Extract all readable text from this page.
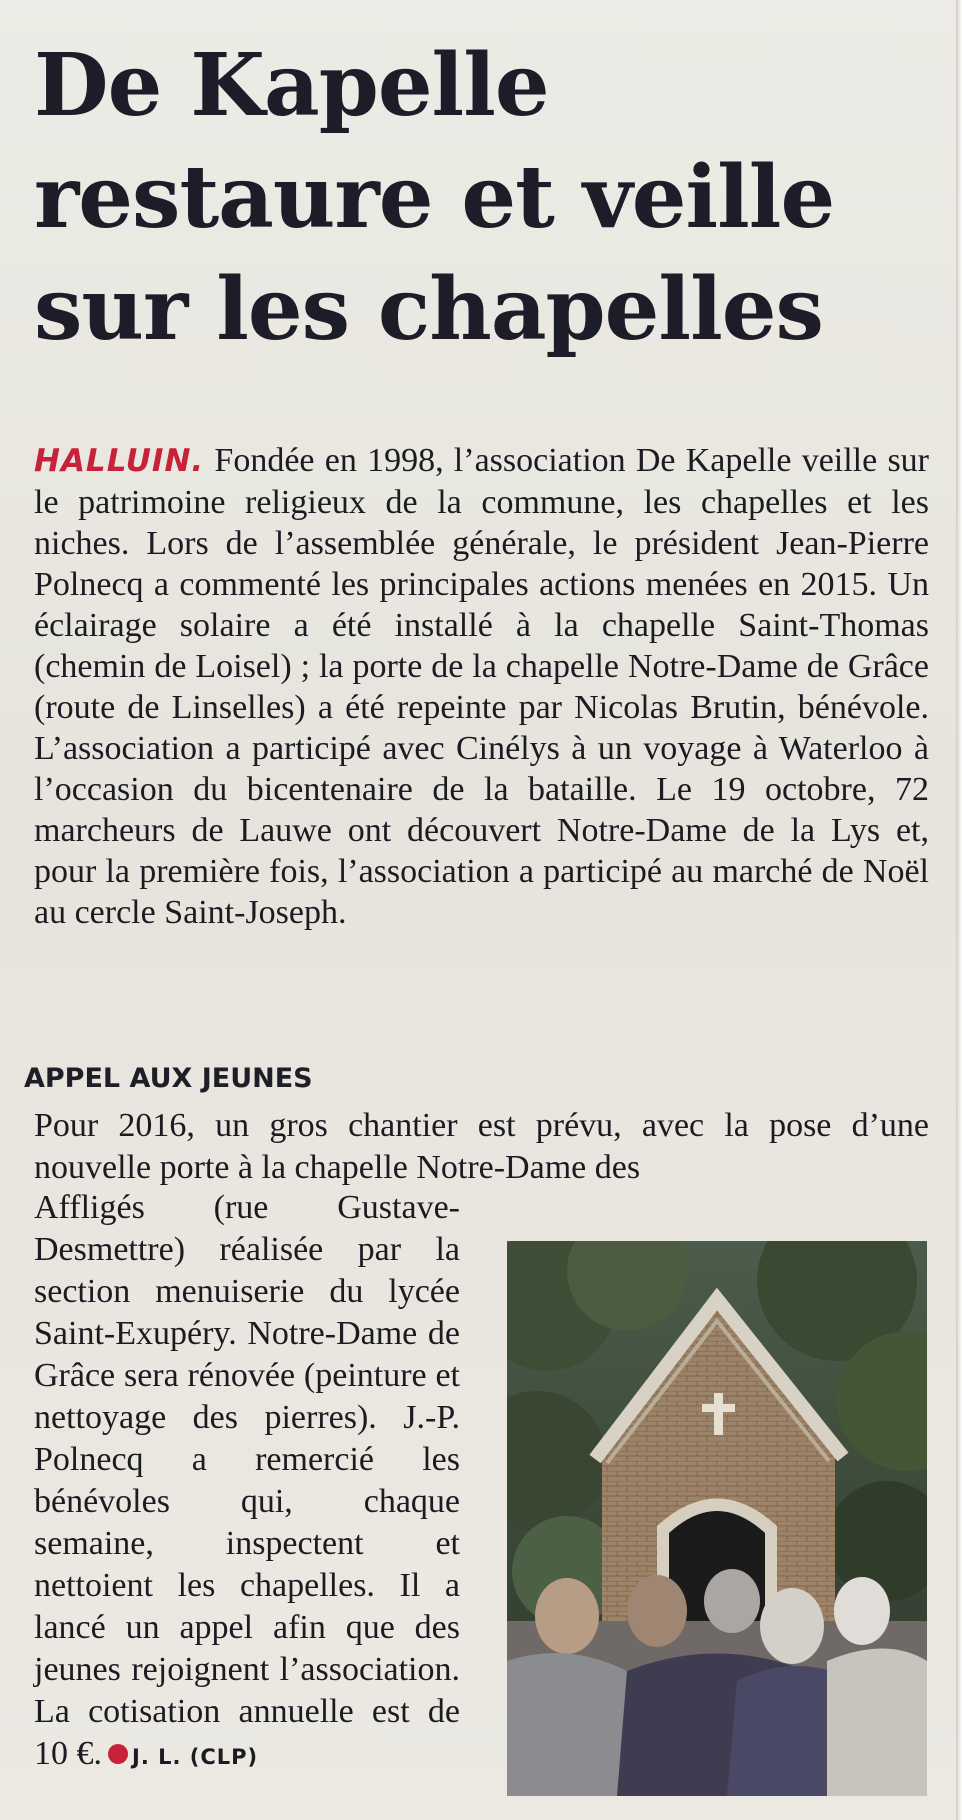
De Kapelle
restaure et veille
sur les chapelles

HALLUIN. Fondée en 1998, l’association De Kapelle veille sur le patrimoine religieux de la commune, les chapelles et les niches. Lors de l’assemblée générale, le président Jean-Pierre Polnecq a commenté les principales actions menées en 2015. Un éclairage solaire a été installé à la chapelle Saint-Thomas (chemin de Loisel) ; la porte de la chapelle Notre-Dame de Grâce (route de Linselles) a été repeinte par Nicolas Brutin, bénévole. L’association a participé avec Cinélys à un voyage à Waterloo à l’occasion du bicentenaire de la bataille. Le 19 octobre, 72 marcheurs de Lauwe ont découvert Notre-Dame de la Lys et, pour la première fois, l’association a participé au marché de Noël au cercle Saint-Joseph.

APPEL AUX JEUNES

Pour 2016, un gros chantier est prévu, avec la pose d’une nouvelle porte à la chapelle Notre-Dame des

Affligés (rue Gustave-Desmettre) réalisée par la section menuiserie du lycée Saint-Exupéry. Notre-Dame de Grâce sera rénovée (peinture et nettoyage des pierres). J.-P. Polnecq a remercié les bénévoles qui, chaque semaine, inspectent et nettoient les chapelles. Il a lancé un appel afin que des jeunes rejoignent l’association. La cotisation annuelle est de 10 €. J. L. (CLP)
